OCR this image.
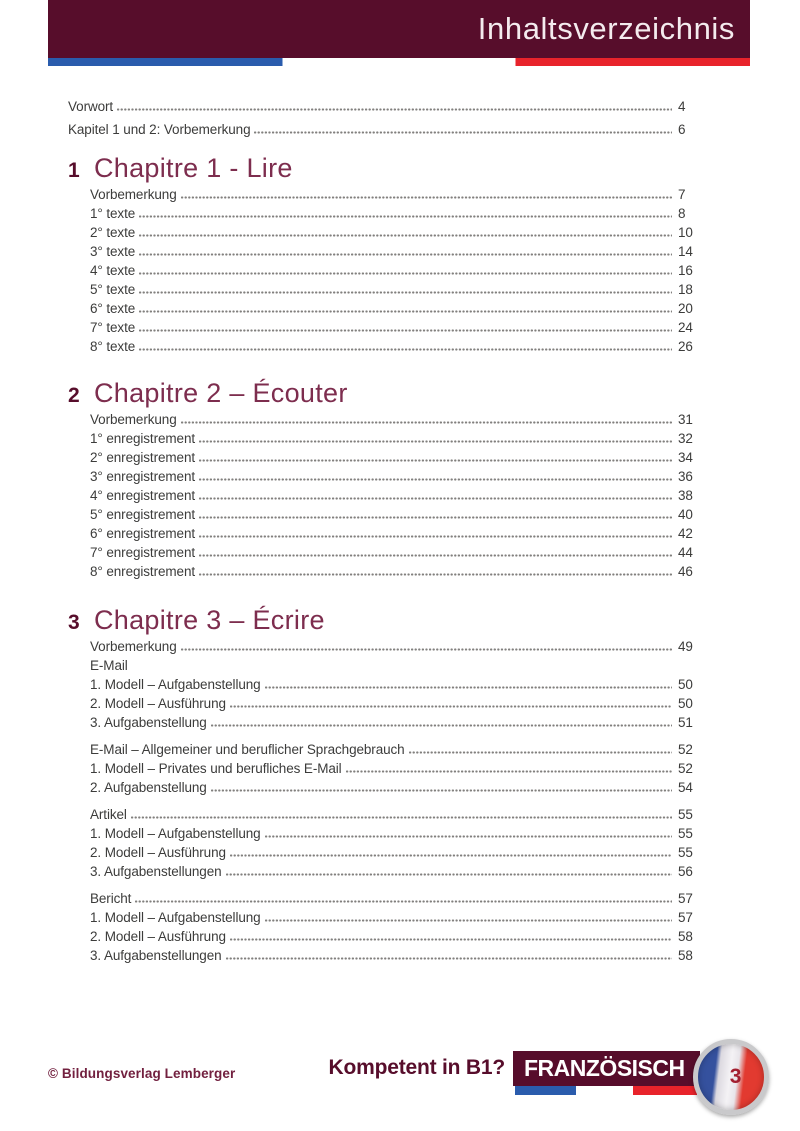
Inhaltsverzeichnis
Vorwort	4
Kapitel 1 und 2: Vorbemerkung	6
1 Chapitre 1 - Lire
Vorbemerkung	7
1° texte	8
2° texte	10
3° texte	14
4° texte	16
5° texte	18
6° texte	20
7° texte	24
8° texte	26
2 Chapitre 2 – Écouter
Vorbemerkung	31
1° enregistrement	32
2° enregistrement	34
3° enregistrement	36
4° enregistrement	38
5° enregistrement	40
6° enregistrement	42
7° enregistrement	44
8° enregistrement	46
3 Chapitre 3 – Écrire
Vorbemerkung	49
E-Mail
1. Modell – Aufgabenstellung	50
2. Modell – Ausführung	50
3. Aufgabenstellung	51
E-Mail – Allgemeiner und beruflicher Sprachgebrauch	52
1. Modell – Privates und berufliches E-Mail	52
2. Aufgabenstellung	54
Artikel	55
1. Modell – Aufgabenstellung	55
2. Modell – Ausführung	55
3. Aufgabenstellungen	56
Bericht	57
1. Modell – Aufgabenstellung	57
2. Modell – Ausführung	58
3. Aufgabenstellungen	58
© Bildungsverlag Lemberger	Kompetent in B1? FRANZÖSISCH 3
